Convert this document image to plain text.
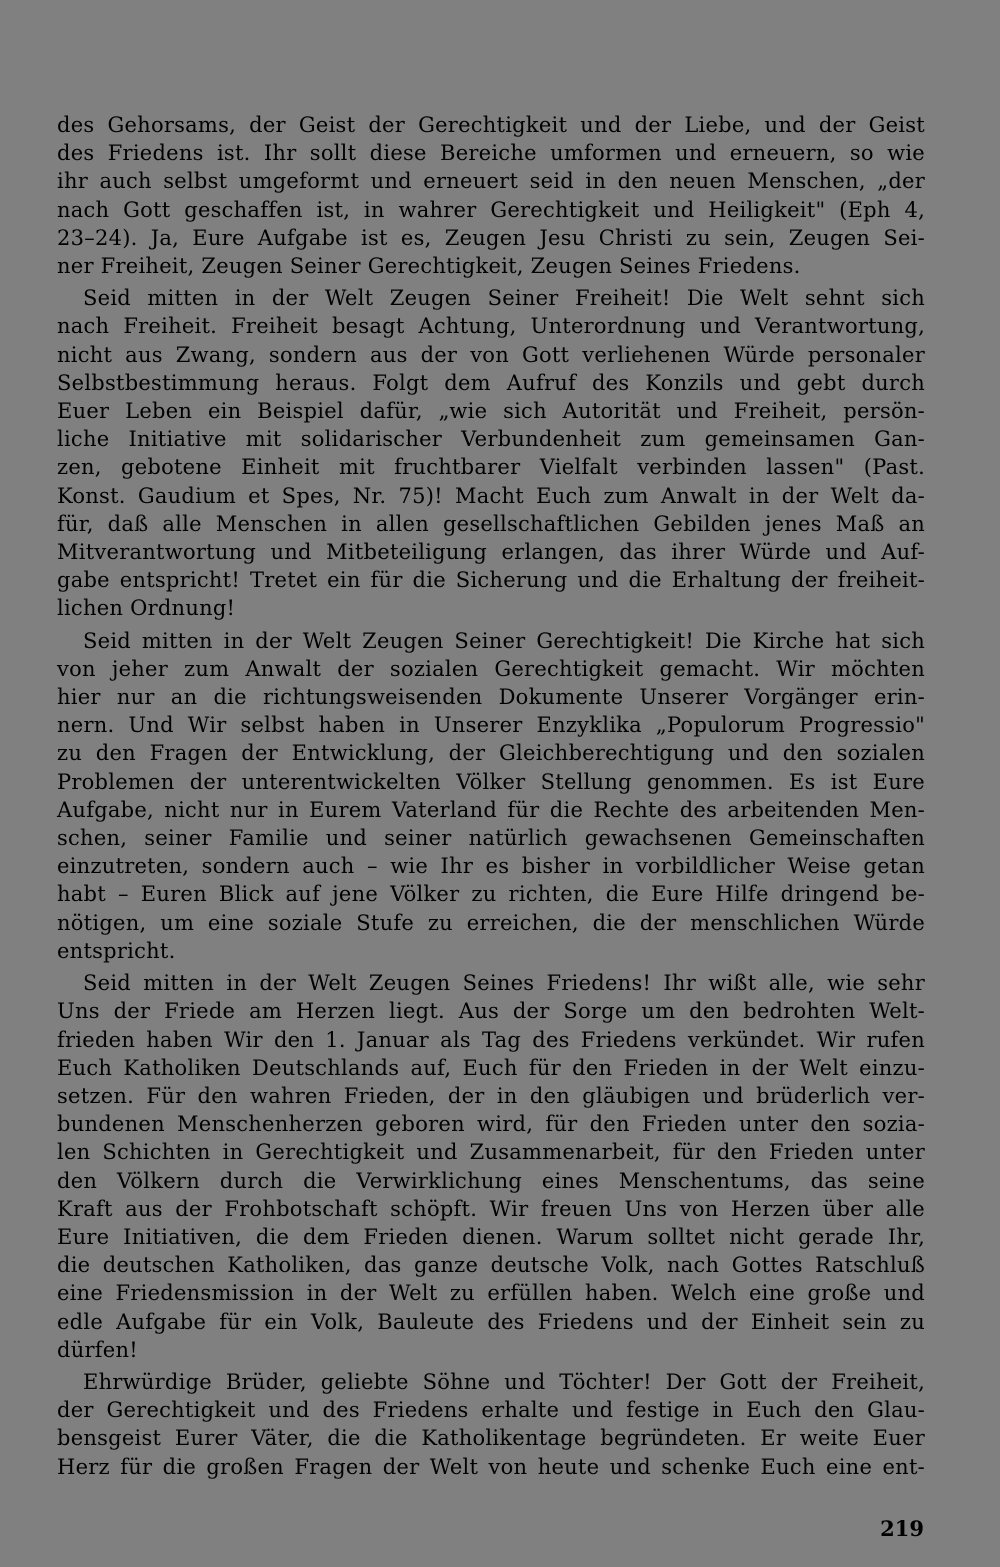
des Gehorsams, der Geist der Gerechtigkeit und der Liebe, und der Geist
des Friedens ist. Ihr sollt diese Bereiche umformen und erneuern, so wie
ihr auch selbst umgeformt und erneuert seid in den neuen Menschen, „der
nach Gott geschaffen ist, in wahrer Gerechtigkeit und Heiligkeit" (Eph 4,
23–24). Ja, Eure Aufgabe ist es, Zeugen Jesu Christi zu sein, Zeugen Sei-
ner Freiheit, Zeugen Seiner Gerechtigkeit, Zeugen Seines Friedens.

Seid mitten in der Welt Zeugen Seiner Freiheit! Die Welt sehnt sich
nach Freiheit. Freiheit besagt Achtung, Unterordnung und Verantwortung,
nicht aus Zwang, sondern aus der von Gott verliehenen Würde personaler
Selbstbestimmung heraus. Folgt dem Aufruf des Konzils und gebt durch
Euer Leben ein Beispiel dafür, „wie sich Autorität und Freiheit, persön-
liche Initiative mit solidarischer Verbundenheit zum gemeinsamen Gan-
zen, gebotene Einheit mit fruchtbarer Vielfalt verbinden lassen" (Past.
Konst. Gaudium et Spes, Nr. 75)! Macht Euch zum Anwalt in der Welt da-
für, daß alle Menschen in allen gesellschaftlichen Gebilden jenes Maß an
Mitverantwortung und Mitbeteiligung erlangen, das ihrer Würde und Auf-
gabe entspricht! Tretet ein für die Sicherung und die Erhaltung der freiheit-
lichen Ordnung!

Seid mitten in der Welt Zeugen Seiner Gerechtigkeit! Die Kirche hat sich
von jeher zum Anwalt der sozialen Gerechtigkeit gemacht. Wir möchten
hier nur an die richtungsweisenden Dokumente Unserer Vorgänger erin-
nern. Und Wir selbst haben in Unserer Enzyklika „Populorum Progressio"
zu den Fragen der Entwicklung, der Gleichberechtigung und den sozialen
Problemen der unterentwickelten Völker Stellung genommen. Es ist Eure
Aufgabe, nicht nur in Eurem Vaterland für die Rechte des arbeitenden Men-
schen, seiner Familie und seiner natürlich gewachsenen Gemeinschaften
einzutreten, sondern auch – wie Ihr es bisher in vorbildlicher Weise getan
habt – Euren Blick auf jene Völker zu richten, die Eure Hilfe dringend be-
nötigen, um eine soziale Stufe zu erreichen, die der menschlichen Würde
entspricht.

Seid mitten in der Welt Zeugen Seines Friedens! Ihr wißt alle, wie sehr
Uns der Friede am Herzen liegt. Aus der Sorge um den bedrohten Welt-
frieden haben Wir den 1. Januar als Tag des Friedens verkündet. Wir rufen
Euch Katholiken Deutschlands auf, Euch für den Frieden in der Welt einzu-
setzen. Für den wahren Frieden, der in den gläubigen und brüderlich ver-
bundenen Menschenherzen geboren wird, für den Frieden unter den sozia-
len Schichten in Gerechtigkeit und Zusammenarbeit, für den Frieden unter
den Völkern durch die Verwirklichung eines Menschentums, das seine
Kraft aus der Frohbotschaft schöpft. Wir freuen Uns von Herzen über alle
Eure Initiativen, die dem Frieden dienen. Warum solltet nicht gerade Ihr,
die deutschen Katholiken, das ganze deutsche Volk, nach Gottes Ratschluß
eine Friedensmission in der Welt zu erfüllen haben. Welch eine große und
edle Aufgabe für ein Volk, Bauleute des Friedens und der Einheit sein zu
dürfen!

Ehrwürdige Brüder, geliebte Söhne und Töchter! Der Gott der Freiheit,
der Gerechtigkeit und des Friedens erhalte und festige in Euch den Glau-
bensgeist Eurer Väter, die die Katholikentage begründeten. Er weite Euer
Herz für die großen Fragen der Welt von heute und schenke Euch eine ent-

219
